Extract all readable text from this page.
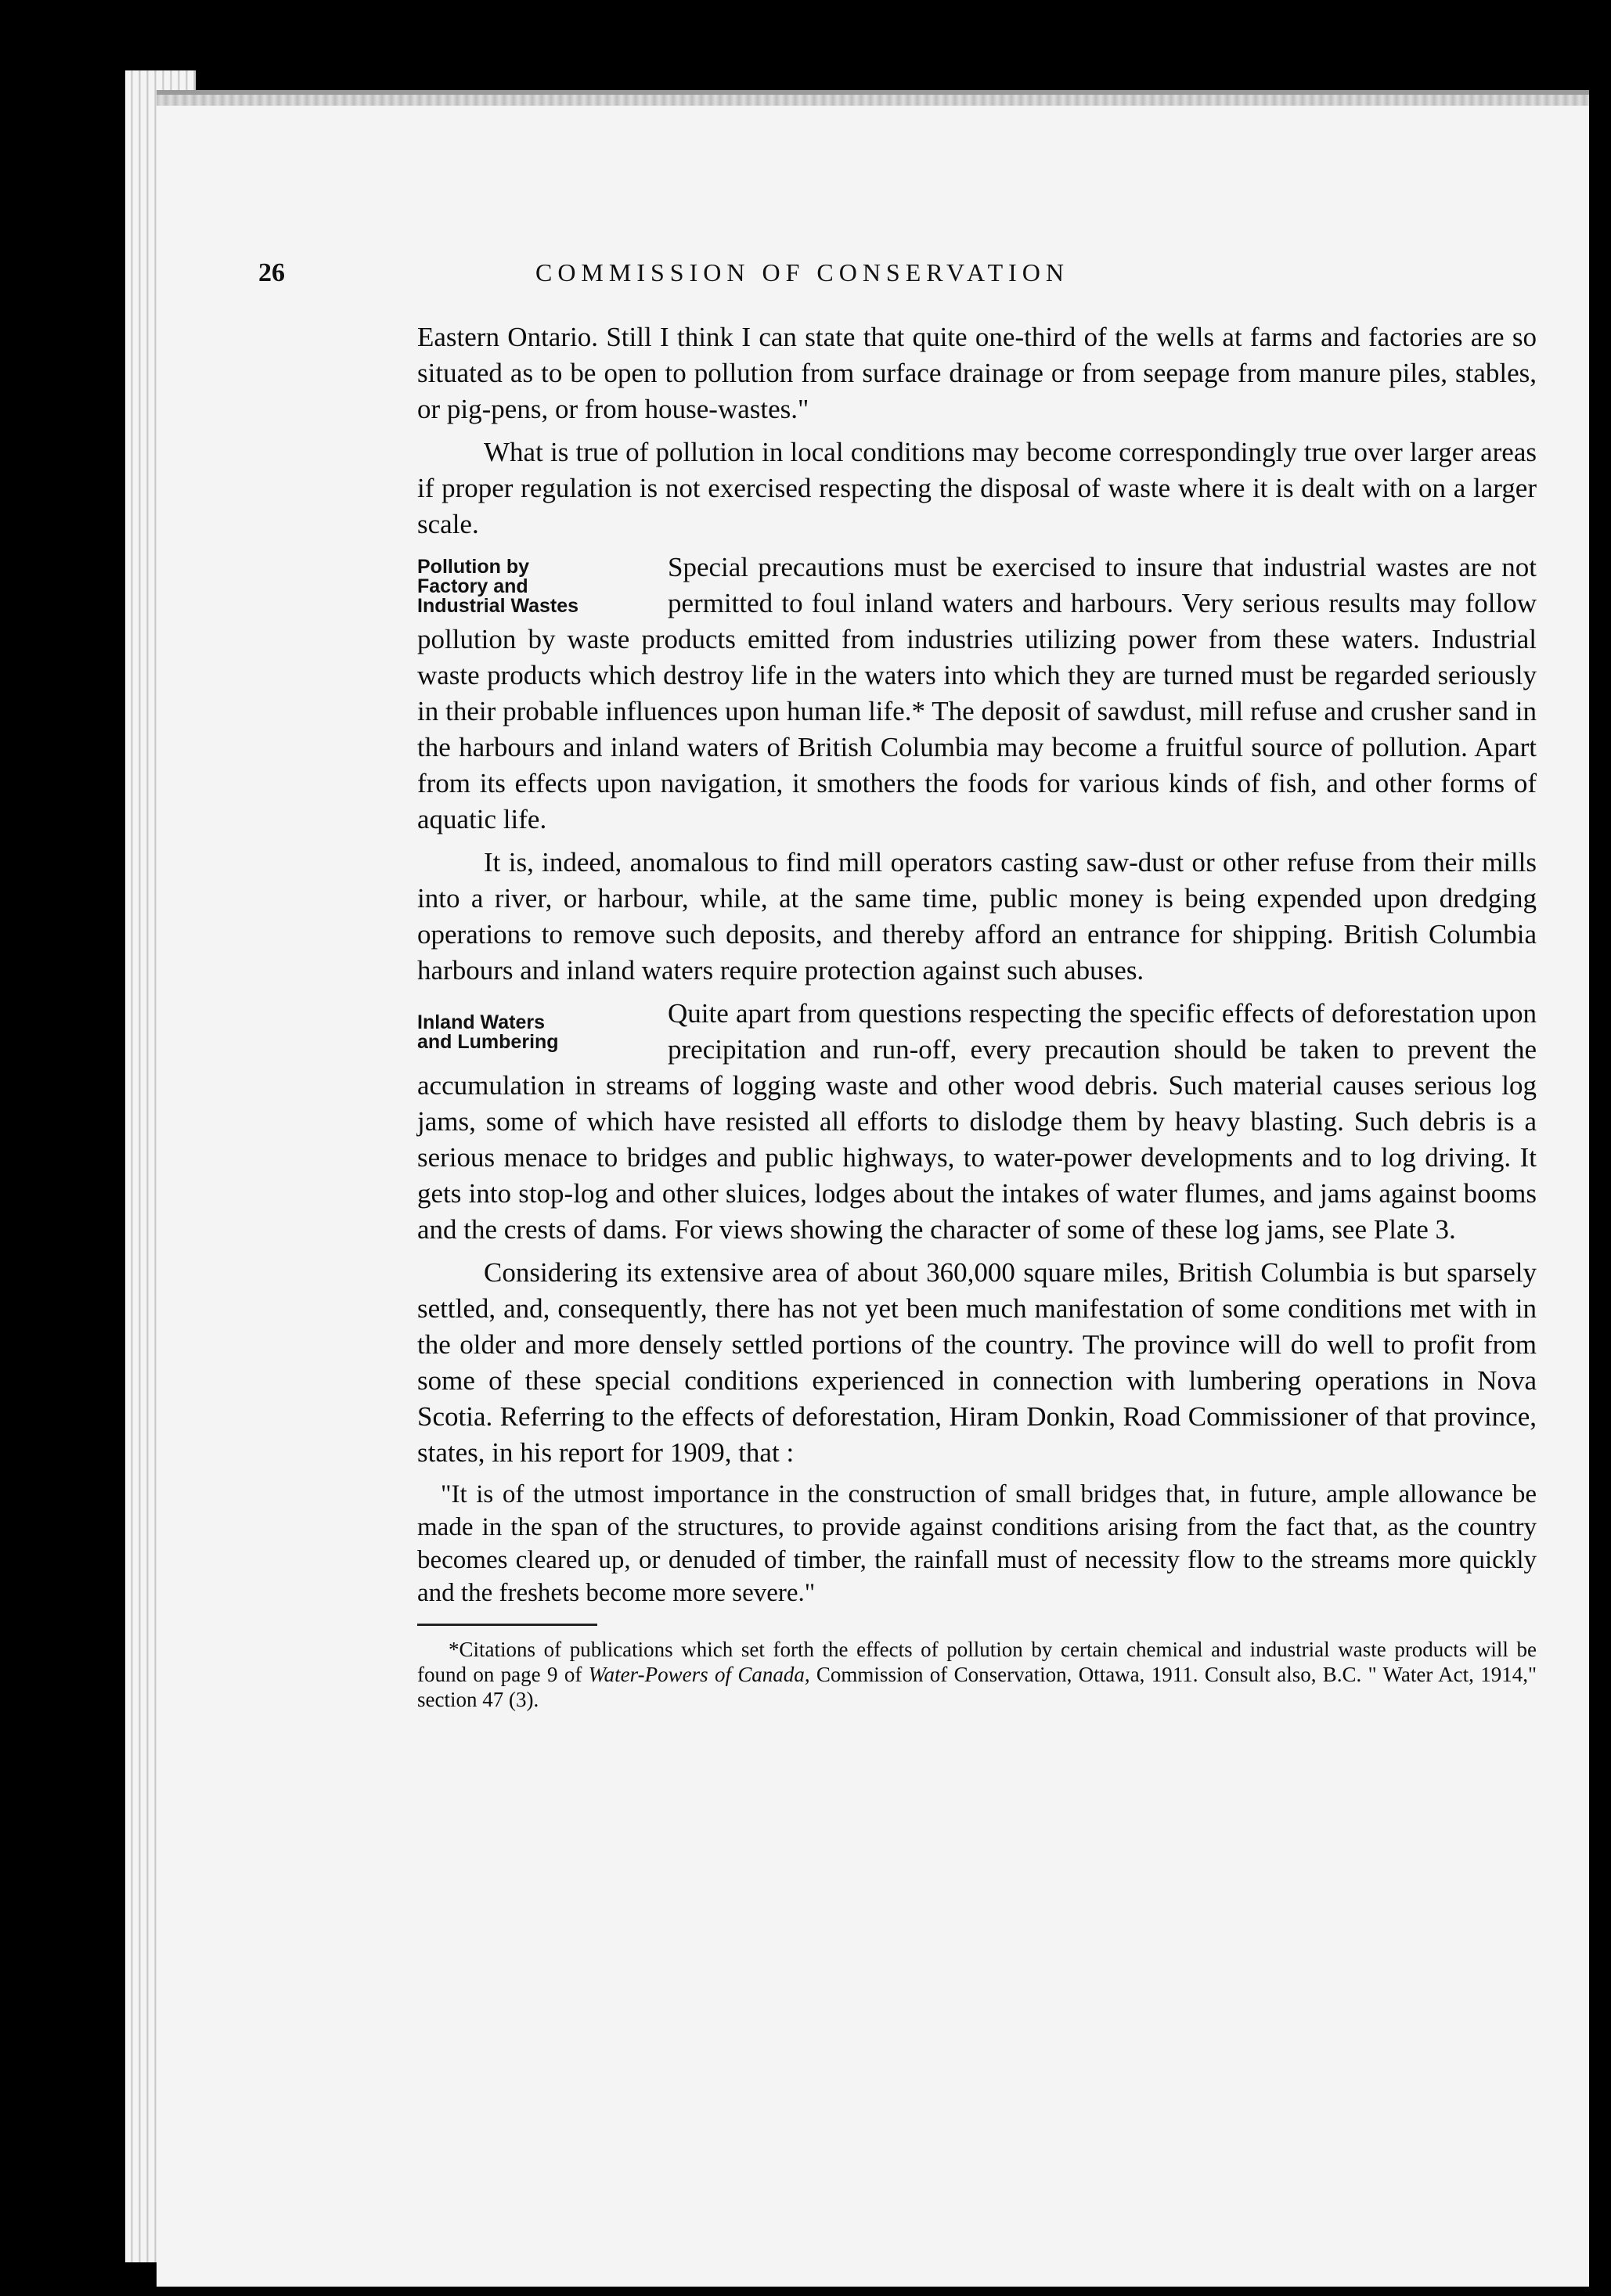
26	COMMISSION OF CONSERVATION

Eastern Ontario. Still I think I can state that quite one-third of the wells at farms and factories are so situated as to be open to pollution from surface drainage or from seepage from manure piles, stables, or pig-pens, or from house-wastes."

What is true of pollution in local conditions may become correspondingly true over larger areas if proper regulation is not exercised respecting the disposal of waste where it is dealt with on a larger scale.

Pollution by
Factory and
Industrial Wastes

Special precautions must be exercised to insure that industrial wastes are not permitted to foul inland waters and harbours. Very serious results may follow pollution by waste products emitted from industries utilizing power from these waters. Industrial waste products which destroy life in the waters into which they are turned must be regarded seriously in their probable influences upon human life.* The deposit of sawdust, mill refuse and crusher sand in the harbours and inland waters of British Columbia may become a fruitful source of pollution. Apart from its effects upon navigation, it smothers the foods for various kinds of fish, and other forms of aquatic life.

It is, indeed, anomalous to find mill operators casting saw-dust or other refuse from their mills into a river, or harbour, while, at the same time, public money is being expended upon dredging operations to remove such deposits, and thereby afford an entrance for shipping. British Columbia harbours and inland waters require protection against such abuses.

Inland Waters
and Lumbering

Quite apart from questions respecting the specific effects of deforestation upon precipitation and run-off, every precaution should be taken to prevent the accumulation in streams of logging waste and other wood debris. Such material causes serious log jams, some of which have resisted all efforts to dislodge them by heavy blasting. Such debris is a serious menace to bridges and public highways, to water-power developments and to log driving. It gets into stop-log and other sluices, lodges about the intakes of water flumes, and jams against booms and the crests of dams. For views showing the character of some of these log jams, see Plate 3.

Considering its extensive area of about 360,000 square miles, British Columbia is but sparsely settled, and, consequently, there has not yet been much manifestation of some conditions met with in the older and more densely settled portions of the country. The province will do well to profit from some of these special conditions experienced in connection with lumbering operations in Nova Scotia. Referring to the effects of deforestation, Hiram Donkin, Road Commissioner of that province, states, in his report for 1909, that :

"It is of the utmost importance in the construction of small bridges that, in future, ample allowance be made in the span of the structures, to provide against conditions arising from the fact that, as the country becomes cleared up, or denuded of timber, the rainfall must of necessity flow to the streams more quickly and the freshets become more severe."

*Citations of publications which set forth the effects of pollution by certain chemical and industrial waste products will be found on page 9 of Water-Powers of Canada, Commission of Conservation, Ottawa, 1911. Consult also, B.C. " Water Act, 1914," section 47 (3).
